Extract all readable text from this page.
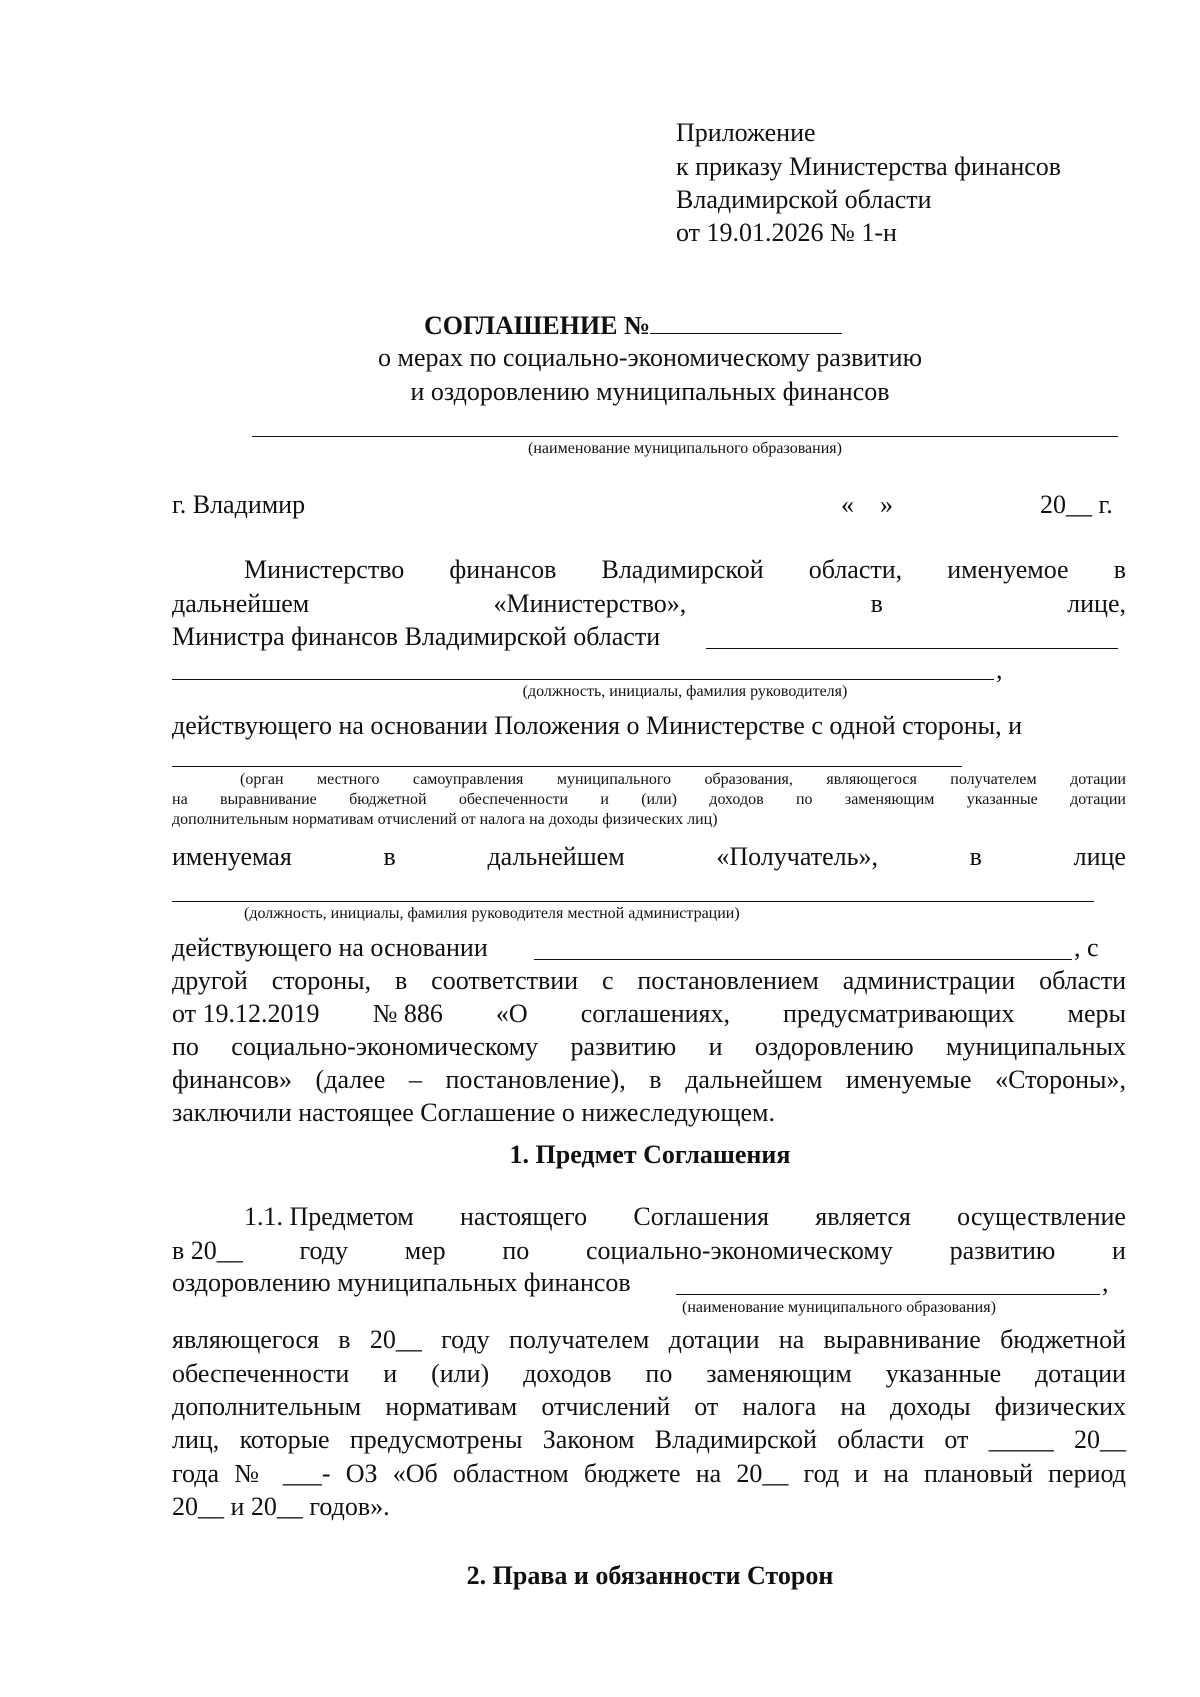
Приложение
к приказу Министерства финансов
Владимирской области
от 19.01.2026 № 1-н
СОГЛАШЕНИЕ №
о мерах по социально-экономическому развитию
и оздоровлению муниципальных финансов
(наименование муниципального образования)
г. Владимир	«    »	20__ г.
Министерство финансов Владимирской области, именуемое в
дальнейшем	«Министерство»,	в	лице,
Министра финансов Владимирской области
,
(должность, инициалы, фамилия руководителя)
действующего на основании Положения о Министерстве с одной стороны, и
(орган местного самоуправления муниципального образования, являющегося получателем дотации
на выравнивание бюджетной обеспеченности и (или) доходов по заменяющим указанные дотации
дополнительным нормативам отчислений от налога на доходы физических лиц)
именуемая	в	дальнейшем	«Получатель»,	в	лице
(должность, инициалы, фамилия руководителя местной администрации)
действующего на основании	, с
другой стороны, в соответствии с постановлением администрации области
от 19.12.2019 № 886 «О соглашениях, предусматривающих меры
по социально-экономическому развитию и оздоровлению муниципальных
финансов» (далее – постановление), в дальнейшем именуемые «Стороны»,
заключили настоящее Соглашение о нижеследующем.
1. Предмет Соглашения
1.1. Предметом настоящего Соглашения является осуществление
в 20__ году мер по социально-экономическому развитию и
оздоровлению муниципальных финансов	,
(наименование муниципального образования)
являющегося в 20__ году получателем дотации на выравнивание бюджетной
обеспеченности и (или) доходов по заменяющим указанные дотации
дополнительным нормативам отчислений от налога на доходы физических
лиц, которые предусмотрены Законом Владимирской области от _____ 20__
года № ___- ОЗ «Об областном бюджете на 20__ год и на плановый период
20__ и 20__ годов».
2. Права и обязанности Сторон
